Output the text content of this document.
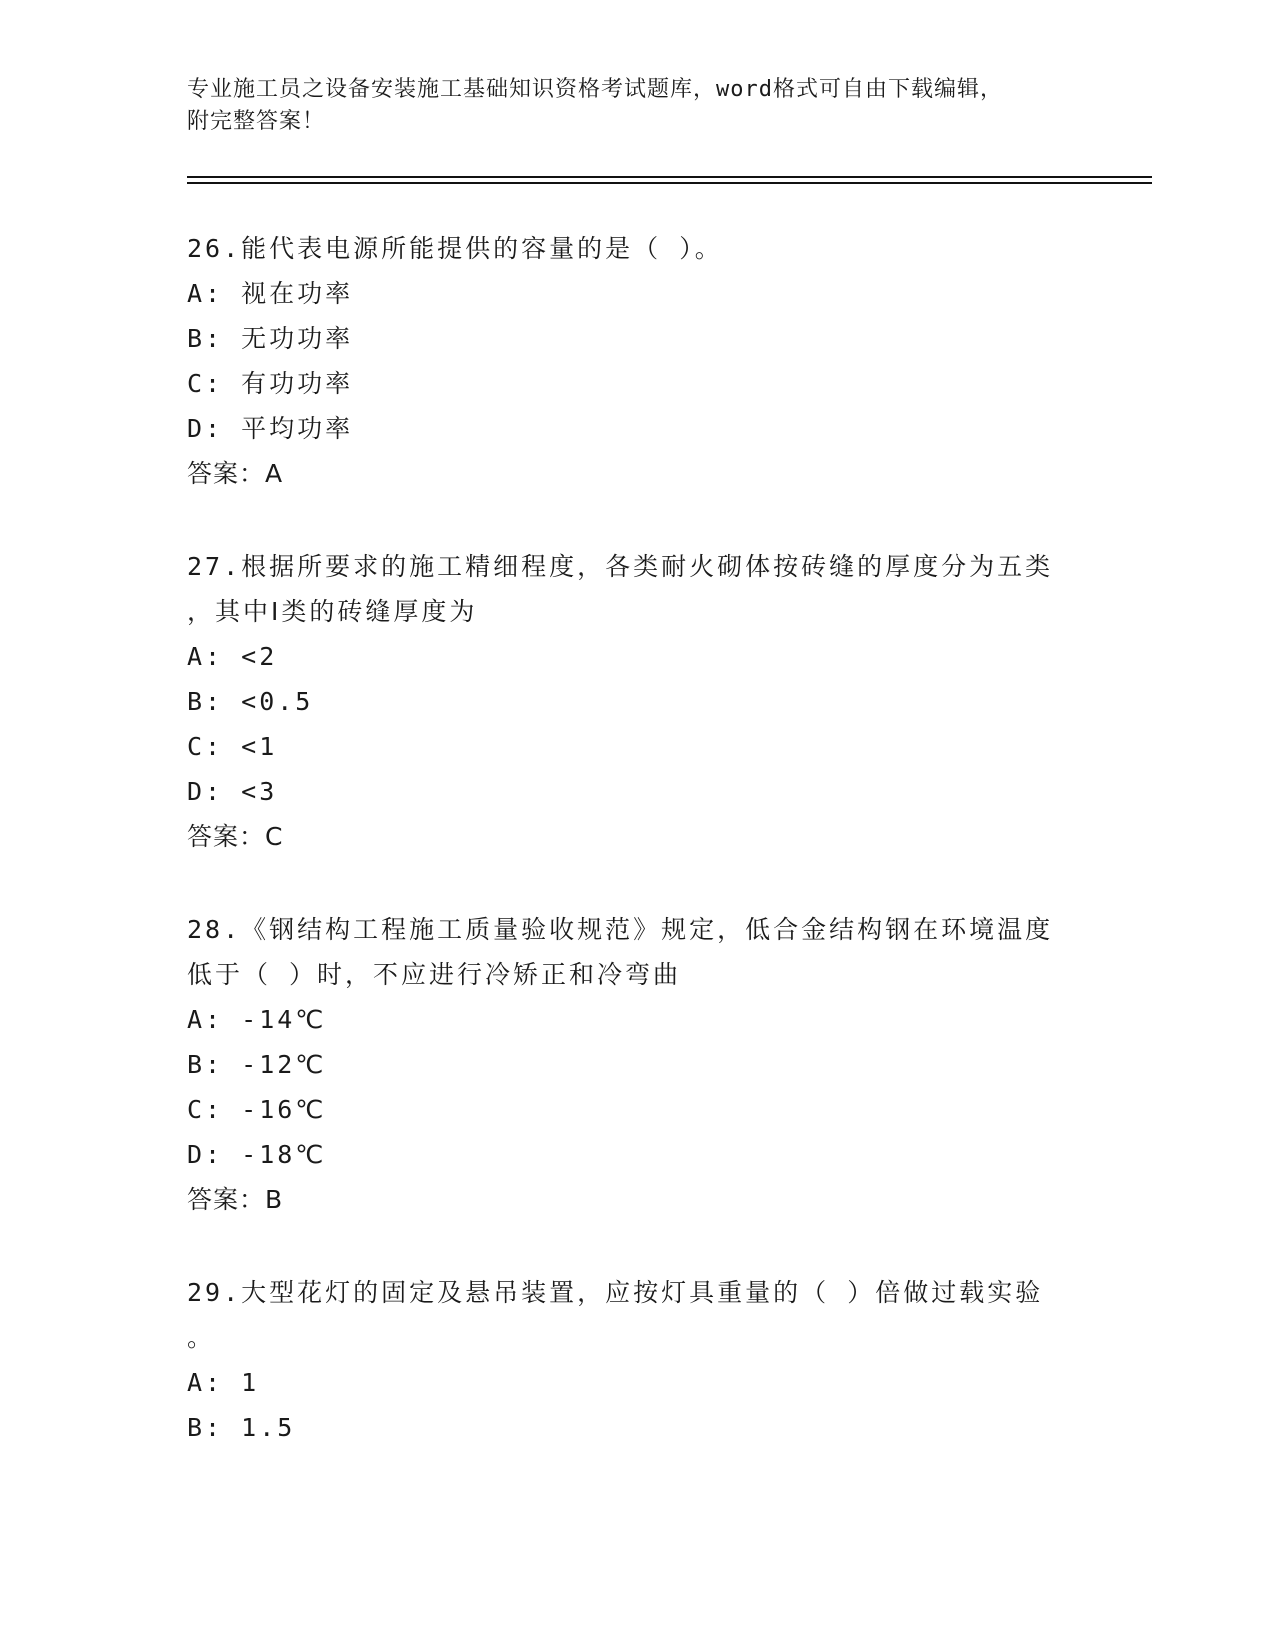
专业施工员之设备安装施工基础知识资格考试题库，word格式可自由下载编辑，
附完整答案！
26.能代表电源所能提供的容量的是（ ）。
A: 视在功率
B: 无功功率
C: 有功功率
D: 平均功率
答案：A
27.根据所要求的施工精细程度，各类耐火砌体按砖缝的厚度分为五类
，其中Ⅰ类的砖缝厚度为
A: <2
B: <0.5
C: <1
D: <3
答案：C
28.《钢结构工程施工质量验收规范》规定，低合金结构钢在环境温度
低于（ ）时，不应进行冷矫正和冷弯曲
A: -14℃
B: -12℃
C: -16℃
D: -18℃
答案：B
29.大型花灯的固定及悬吊装置，应按灯具重量的（ ）倍做过载实验
。
A: 1
B: 1.5
